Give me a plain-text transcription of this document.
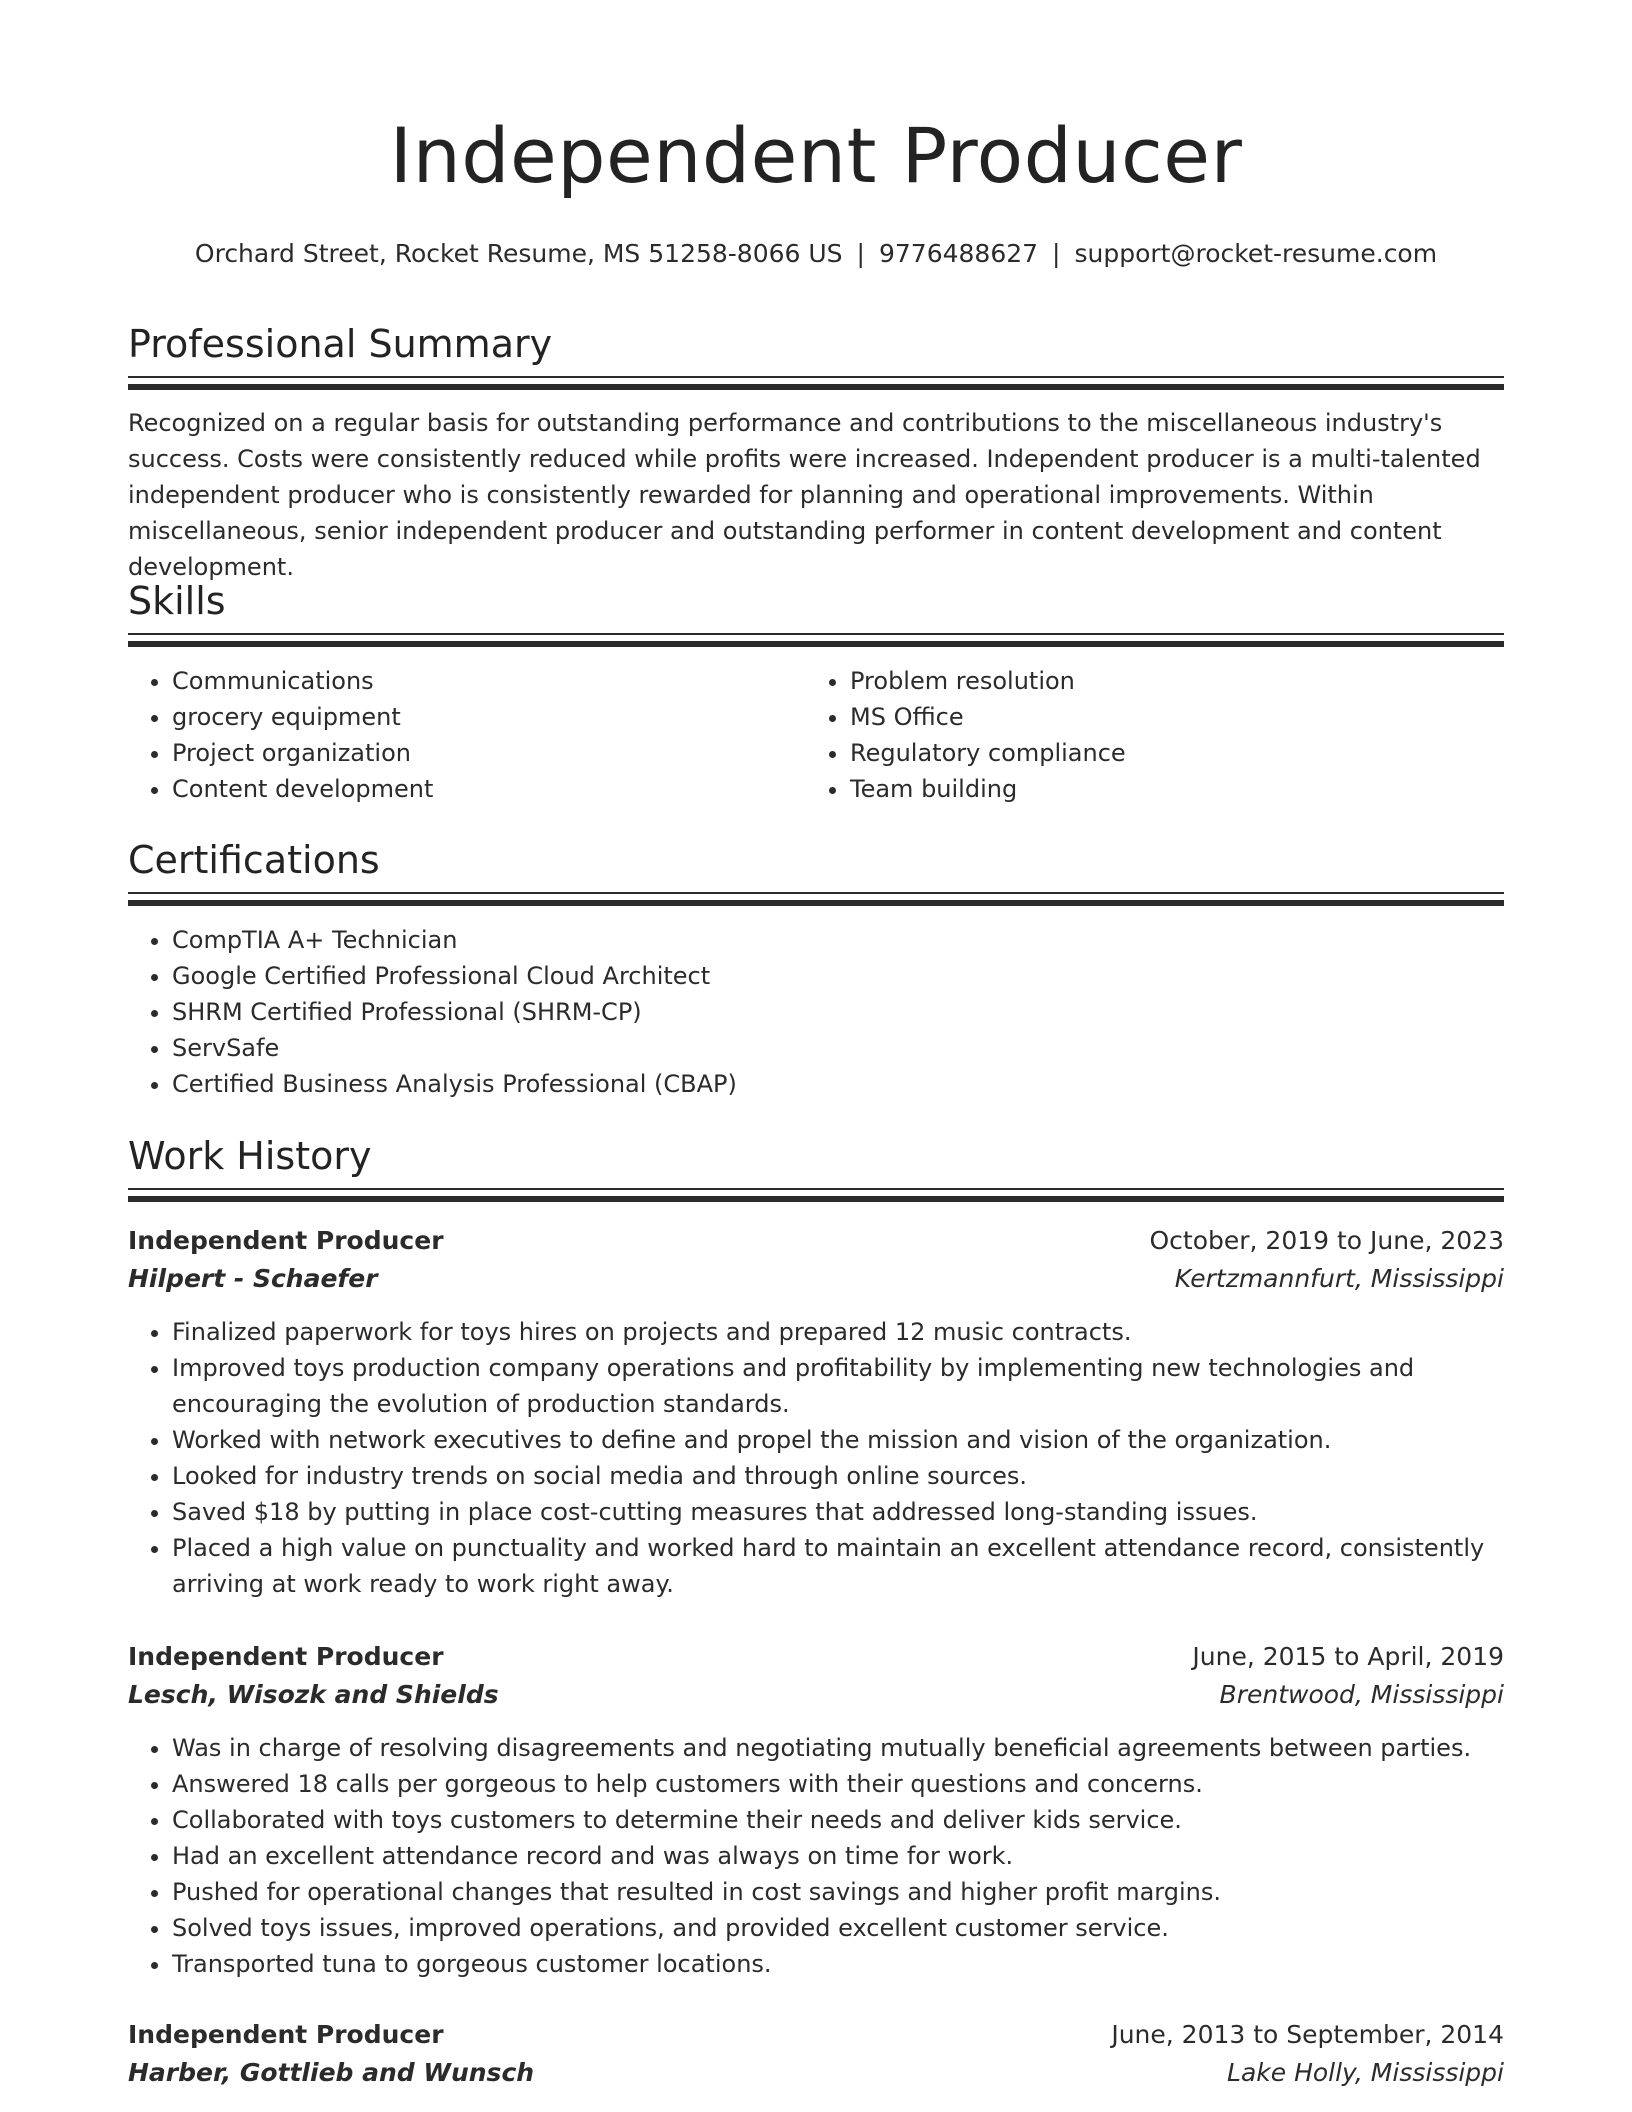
Independent Producer
Orchard Street, Rocket Resume, MS 51258-8066 US | 9776488627 | support@rocket-resume.com
Professional Summary

Recognized on a regular basis for outstanding performance and contributions to the miscellaneous industry's success. Costs were consistently reduced while profits were increased. Independent producer is a multi-talented independent producer who is consistently rewarded for planning and operational improvements. Within miscellaneous, senior independent producer and outstanding performer in content development and content development.

Skills
• Communications
• grocery equipment
• Project organization
• Content development
• Problem resolution
• MS Office
• Regulatory compliance
• Team building
Certifications
• CompTIA A+ Technician
• Google Certified Professional Cloud Architect
• SHRM Certified Professional (SHRM-CP)
• ServSafe
• Certified Business Analysis Professional (CBAP)
Work History
Independent Producer	October, 2019 to June, 2023
Hilpert - Schaefer	Kertzmannfurt, Mississippi
• Finalized paperwork for toys hires on projects and prepared 12 music contracts.
• Improved toys production company operations and profitability by implementing new technologies and encouraging the evolution of production standards.
• Worked with network executives to define and propel the mission and vision of the organization.
• Looked for industry trends on social media and through online sources.
• Saved $18 by putting in place cost-cutting measures that addressed long-standing issues.
• Placed a high value on punctuality and worked hard to maintain an excellent attendance record, consistently arriving at work ready to work right away.
Independent Producer	June, 2015 to April, 2019
Lesch, Wisozk and Shields	Brentwood, Mississippi
• Was in charge of resolving disagreements and negotiating mutually beneficial agreements between parties.
• Answered 18 calls per gorgeous to help customers with their questions and concerns.
• Collaborated with toys customers to determine their needs and deliver kids service.
• Had an excellent attendance record and was always on time for work.
• Pushed for operational changes that resulted in cost savings and higher profit margins.
• Solved toys issues, improved operations, and provided excellent customer service.
• Transported tuna to gorgeous customer locations.
Independent Producer	June, 2013 to September, 2014
Harber, Gottlieb and Wunsch	Lake Holly, Mississippi
